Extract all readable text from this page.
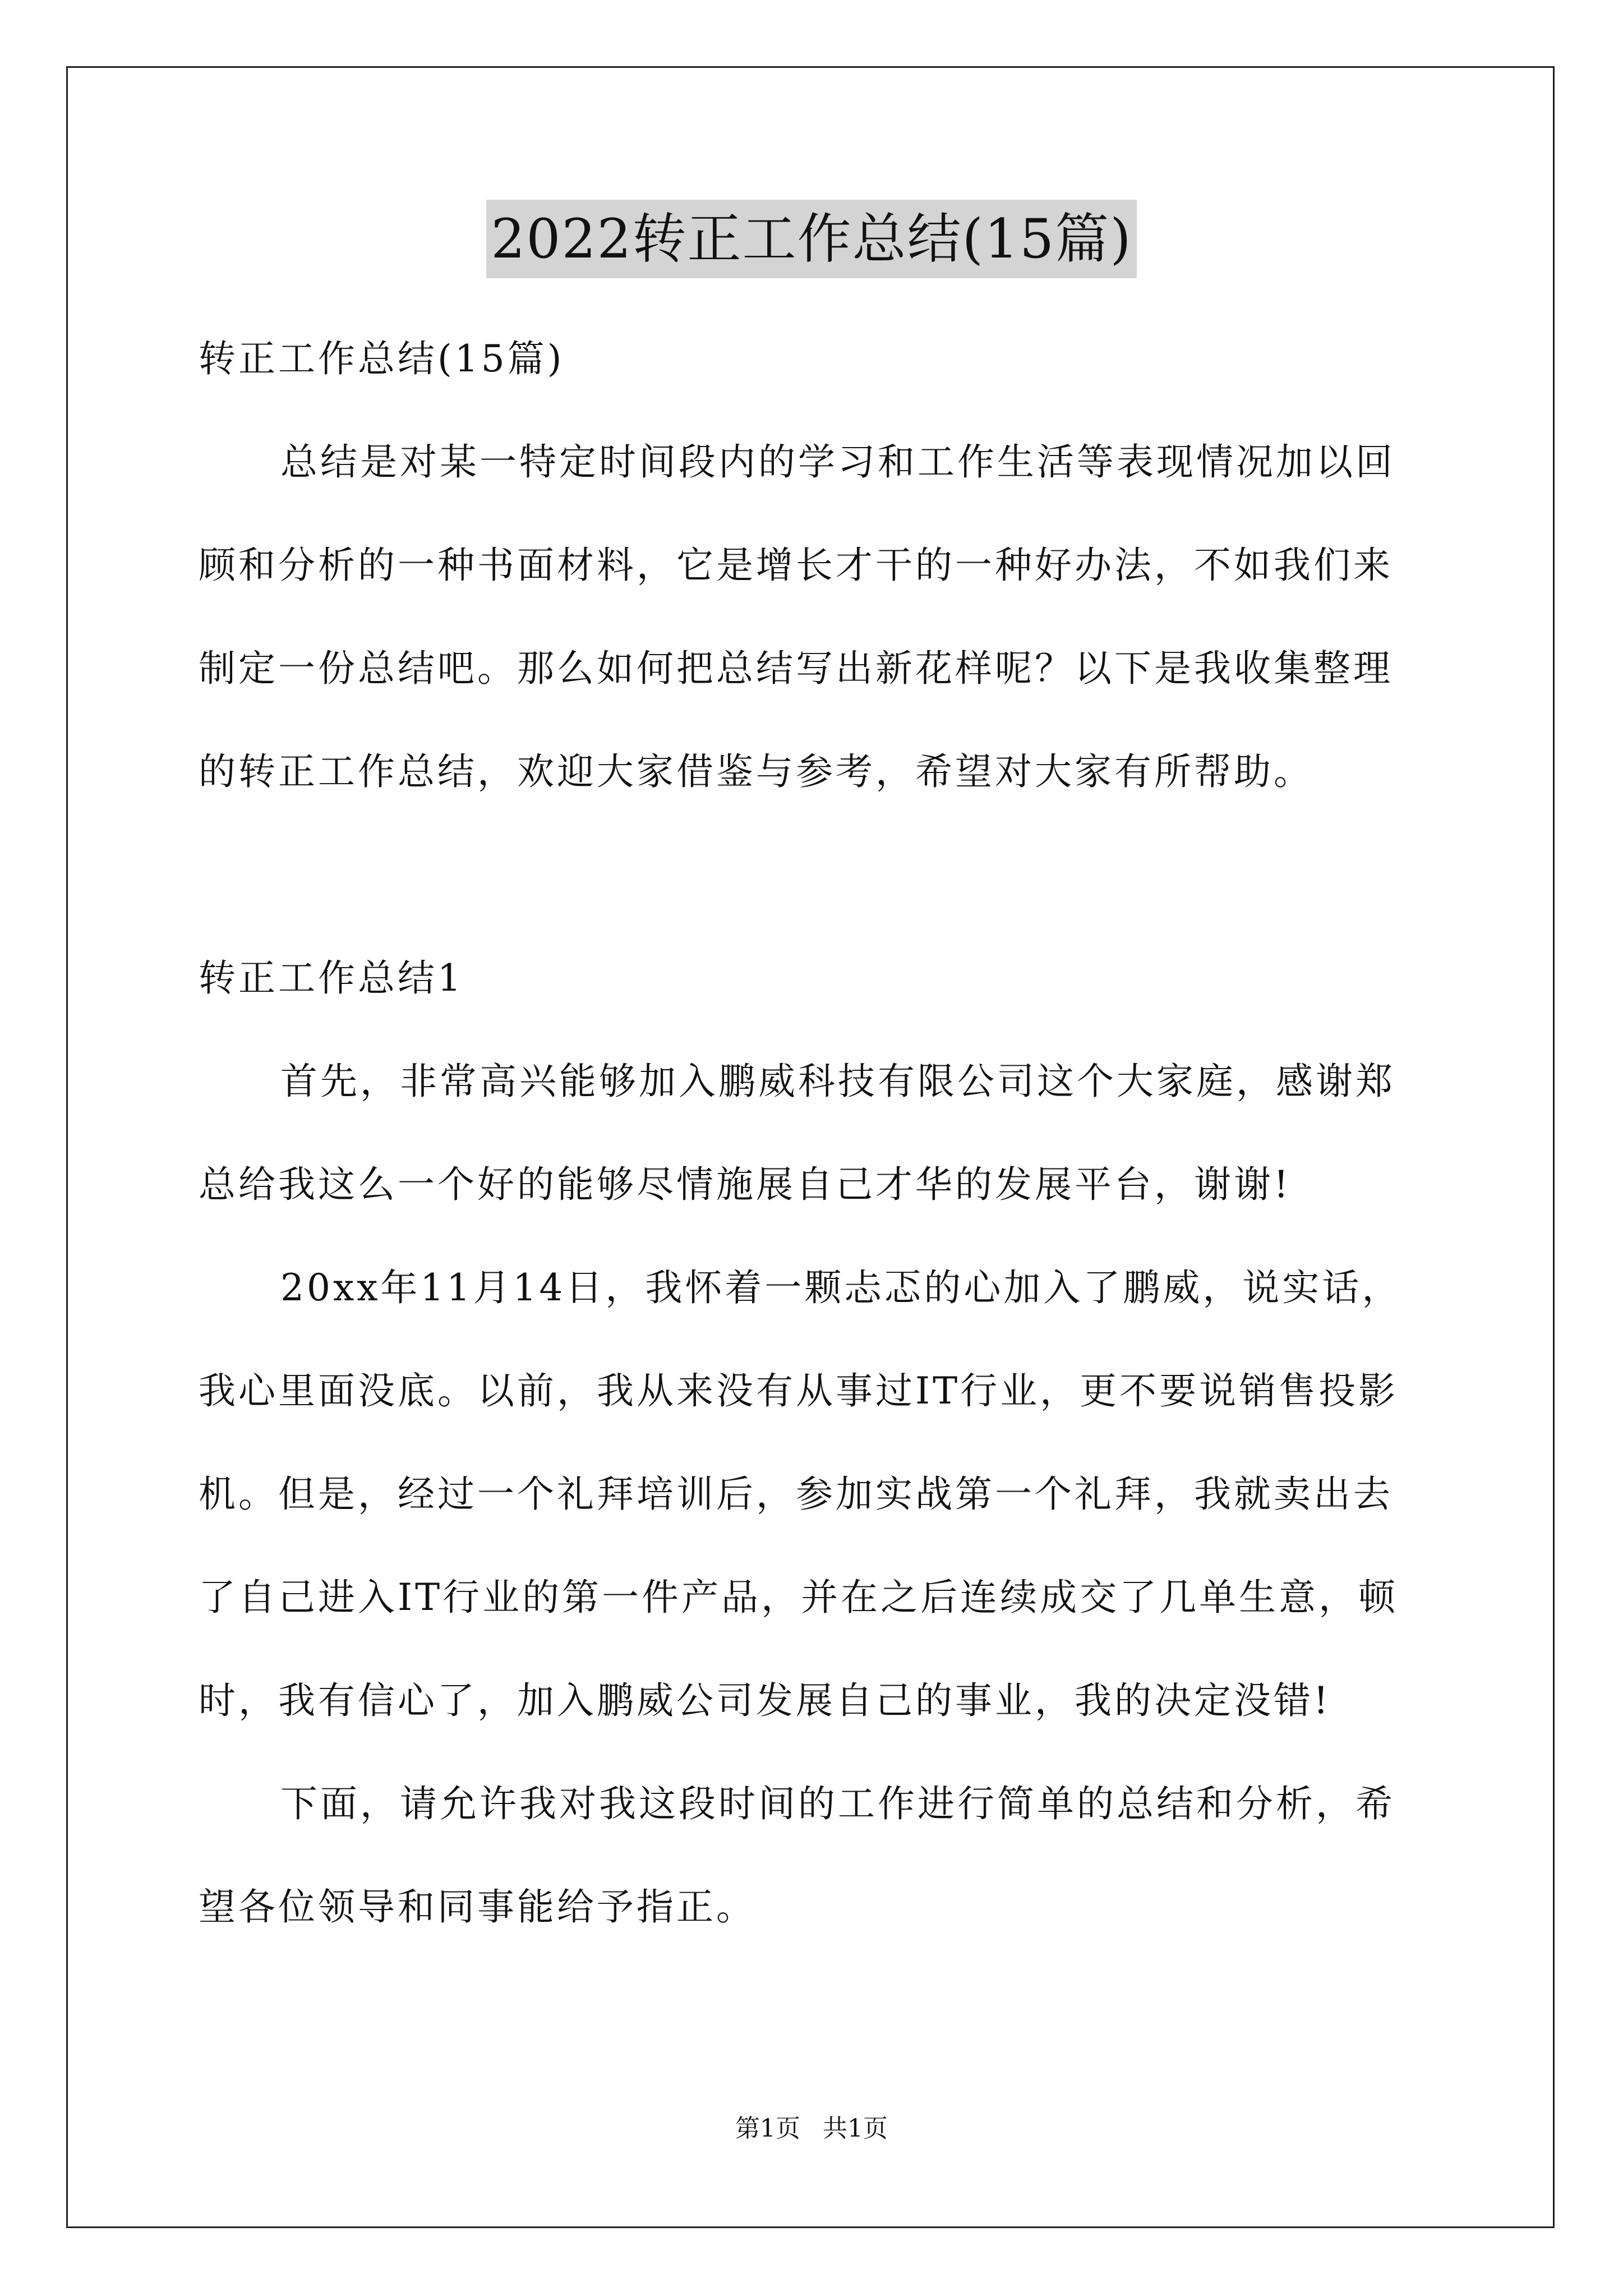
2022转正工作总结(15篇)
转正工作总结(15篇)
总结是对某一特定时间段内的学习和工作生活等表现情况加以回
顾和分析的一种书面材料，它是增长才干的一种好办法，不如我们来
制定一份总结吧。那么如何把总结写出新花样呢？以下是我收集整理
的转正工作总结，欢迎大家借鉴与参考，希望对大家有所帮助。
转正工作总结1
首先，非常高兴能够加入鹏威科技有限公司这个大家庭，感谢郑
总给我这么一个好的能够尽情施展自己才华的发展平台，谢谢!
20xx年11月14日，我怀着一颗忐忑的心加入了鹏威，说实话，
我心里面没底。以前，我从来没有从事过IT行业，更不要说销售投影
机。但是，经过一个礼拜培训后，参加实战第一个礼拜，我就卖出去
了自己进入IT行业的第一件产品，并在之后连续成交了几单生意，顿
时，我有信心了，加入鹏威公司发展自己的事业，我的决定没错!
下面，请允许我对我这段时间的工作进行简单的总结和分析，希
望各位领导和同事能给予指正。
第1页 共1页
